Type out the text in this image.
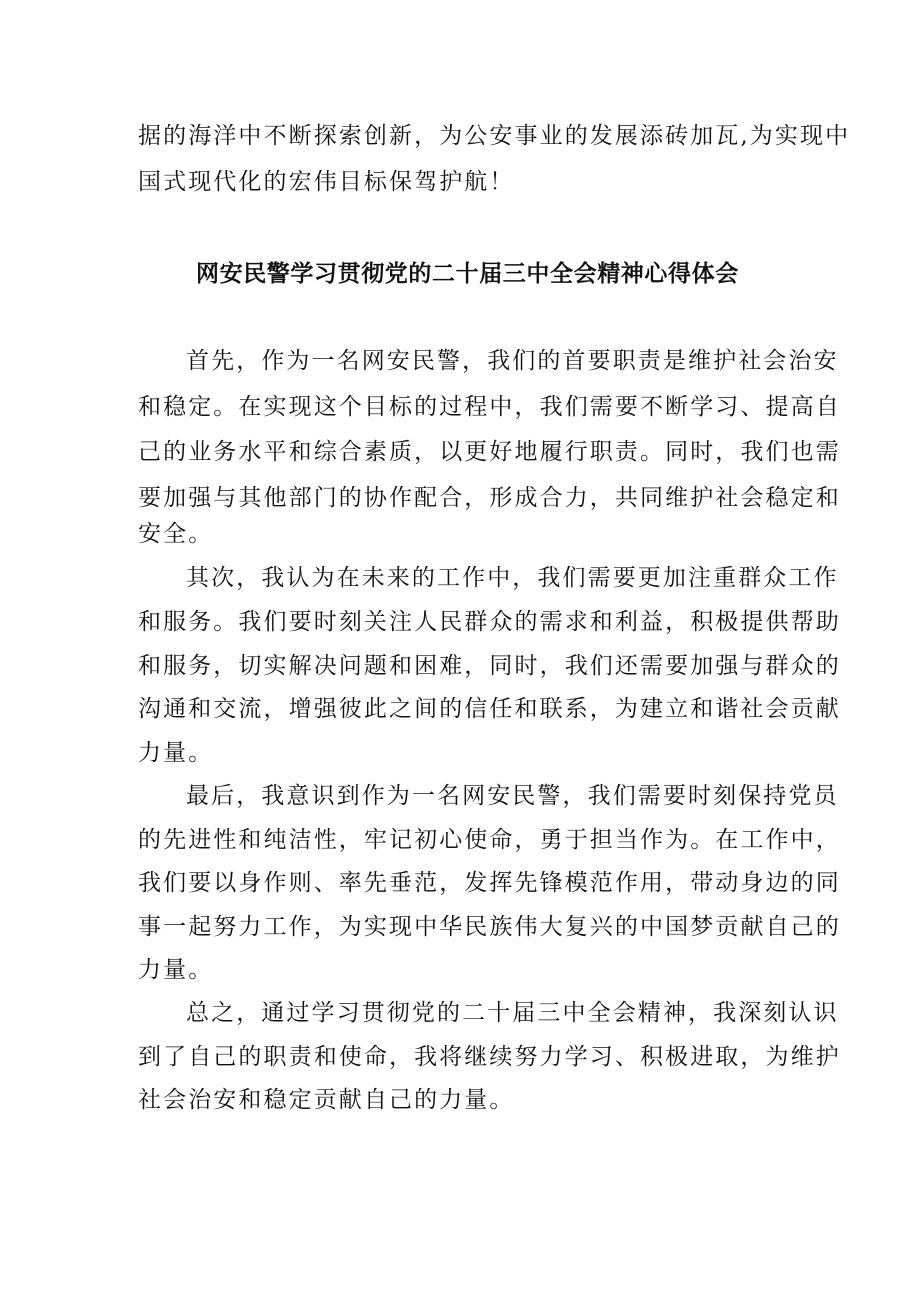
据的海洋中不断探索创新，为公安事业的发展添砖加瓦,为实现中
国式现代化的宏伟目标保驾护航！
网安民警学习贯彻党的二十届三中全会精神心得体会
首先，作为一名网安民警，我们的首要职责是维护社会治安
和稳定。在实现这个目标的过程中，我们需要不断学习、提高自
己的业务水平和综合素质，以更好地履行职责。同时，我们也需
要加强与其他部门的协作配合，形成合力，共同维护社会稳定和
安全。
其次，我认为在未来的工作中，我们需要更加注重群众工作
和服务。我们要时刻关注人民群众的需求和利益，积极提供帮助
和服务，切实解决问题和困难，同时，我们还需要加强与群众的
沟通和交流，增强彼此之间的信任和联系，为建立和谐社会贡献
力量。
最后，我意识到作为一名网安民警，我们需要时刻保持党员
的先进性和纯洁性，牢记初心使命，勇于担当作为。在工作中，
我们要以身作则、率先垂范，发挥先锋模范作用，带动身边的同
事一起努力工作，为实现中华民族伟大复兴的中国梦贡献自己的
力量。
总之，通过学习贯彻党的二十届三中全会精神，我深刻认识
到了自己的职责和使命，我将继续努力学习、积极进取，为维护
社会治安和稳定贡献自己的力量。
